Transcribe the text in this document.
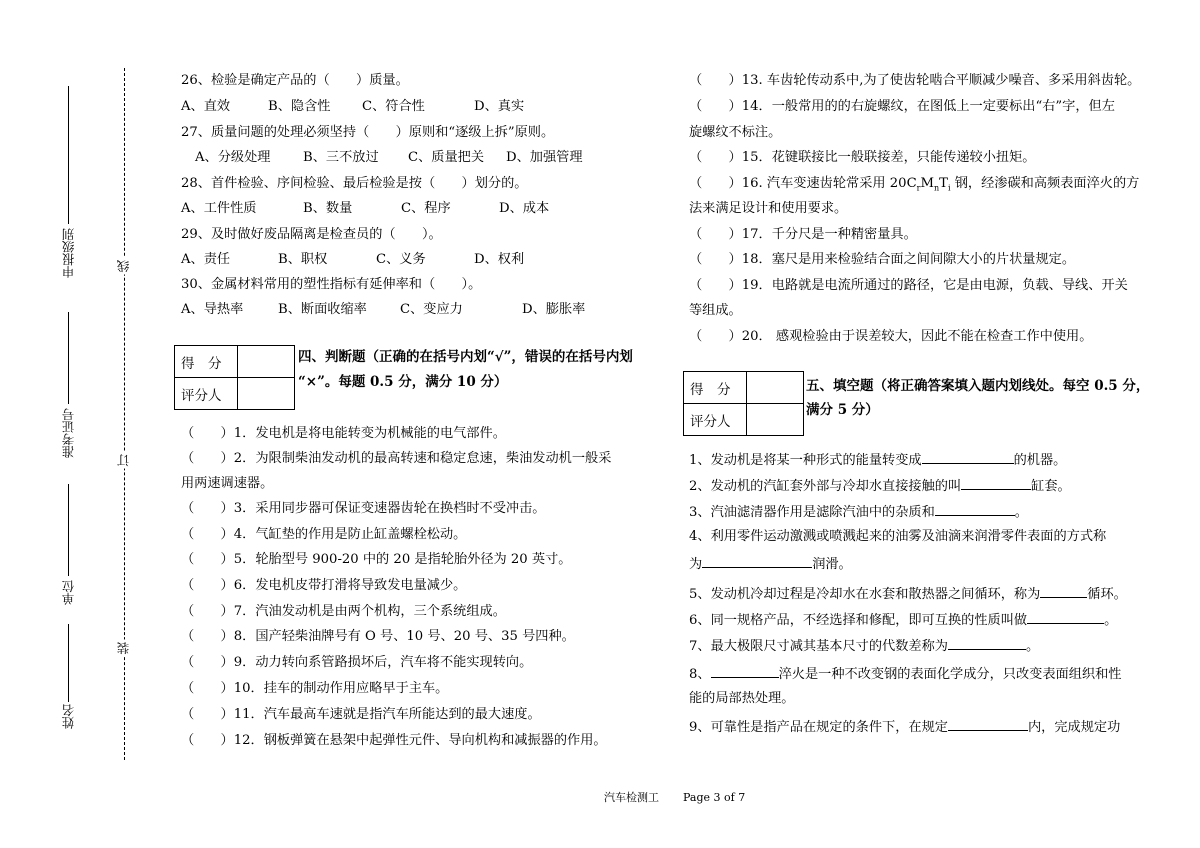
申报级别
准考证号
单位
姓名
线
订
装
26、检验是确定产品的（　　）质量。
A、直效	B、隐含性 C、符合性	D、真实
27、质量问题的处理必须坚持（　　）原则和“逐级上拆”原则。
A、分级处理 B、三不放过 C、质量把关 D、加强管理
28、首件检验、序间检验、最后检验是按（　　）划分的。
A、工件性质	B、数量	C、程序	D、成本
29、及时做好废品隔离是检查员的（　　）。
A、责任	B、职权	C、义务	D、权利
30、金属材料常用的塑性指标有延伸率和（　　）。
A、导热率	B、断面收缩率	C、变应力	D、膨胀率
得　分	
评分人	
四、判断题（正确的在括号内划“√”，错误的在括号内划
“×”。每题 0.5 分，满分 10 分）
（　　）1．发电机是将电能转变为机械能的电气部件。
（　　）2．为限制柴油发动机的最高转速和稳定怠速，柴油发动机一般采
用两速调速器。
（　　）3．采用同步器可保证变速器齿轮在换档时不受冲击。
（　　）4．气缸垫的作用是防止缸盖螺栓松动。
（　　）5．轮胎型号 900-20 中的 20 是指轮胎外径为 20 英寸。
（　　）6．发电机皮带打滑将导致发电量减少。
（　　）7．汽油发动机是由两个机构，三个系统组成。
（　　）8．国产轻柴油牌号有 O 号、10 号、20 号、35 号四种。
（　　）9．动力转向系管路损坏后，汽车将不能实现转向。
（　　）10．挂车的制动作用应略早于主车。
（　　）11．汽车最高车速就是指汽车所能达到的最大速度。
（　　）12．钢板弹簧在悬架中起弹性元件、导向机构和减振器的作用。
（　　）13. 车齿轮传动系中,为了使齿轮啮合平顺减少噪音、多采用斜齿轮。
（　　）14．一般常用的的右旋螺纹，在图低上一定要标出“右”字，但左
旋螺纹不标注。
（　　）15．花键联接比一般联接差，只能传递较小扭矩。
（　　）16. 汽车变速齿轮常采用 $20C_rM_nT_i$ 钢，经渗碳和高频表面淬火的方
法来满足设计和使用要求。
（　　）17．千分尺是一种精密量具。
（　　）18．塞尺是用来检验结合面之间间隙大小的片状量规定。
（　　）19．电路就是电流所通过的路径，它是由电源，负载、导线、开关
等组成。
（　　）20． 感观检验由于误差较大，因此不能在检查工作中使用。
得　分	
评分人	
五、填空题（将正确答案填入题内划线处。每空 0.5 分，
满分 5 分）
1、发动机是将某一种形式的能量转变成	的机器。
2、发动机的汽缸套外部与冷却水直接接触的叫	缸套。
3、汽油滤清器作用是滤除汽油中的杂质和	。
4、利用零件运动激溅或喷溅起来的油雾及油滴来润滑零件表面的方式称
为	润滑。
5、发动机冷却过程是冷却水在水套和散热器之间循环，称为	循环。
6、同一规格产品，不经选择和修配，即可互换的性质叫做	。
7、最大极限尺寸减其基本尺寸的代数差称为	。
8、	淬火是一种不改变钢的表面化学成分，只改变表面组织和性
能的局部热处理。
9、可靠性是指产品在规定的条件下，在规定	内，完成规定功
汽车检测工 Page 3 of 7
